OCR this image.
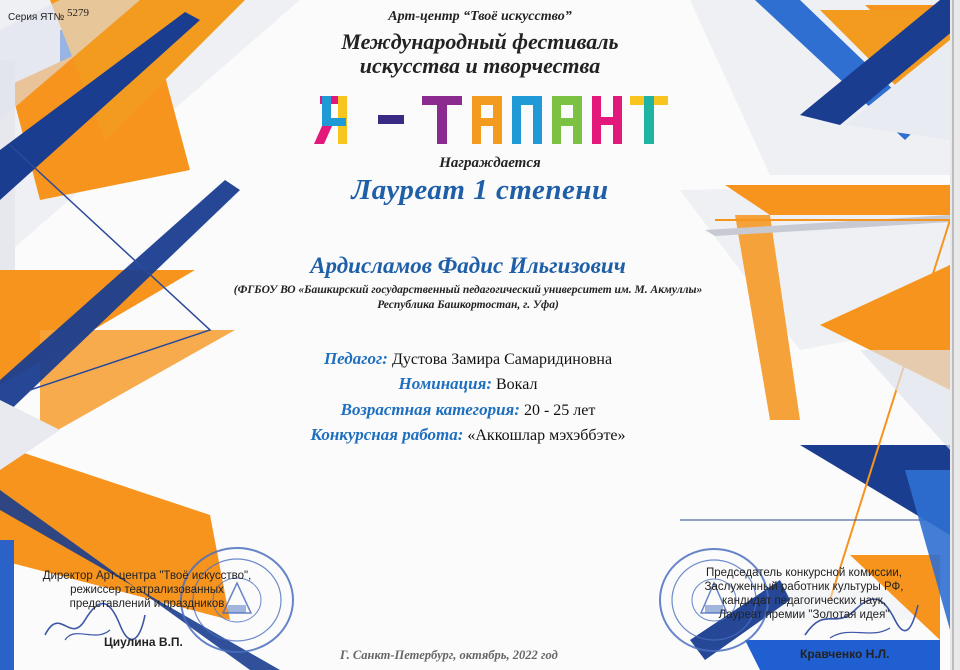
Серия ЯТ№ 5279	Арт-центр “Твоё искусство”
Международный фестиваль
искусства и творчества
Награждается
Лауреат 1 степени
Ардисламов Фадис Ильгизович
(ФГБОУ ВО «Башкирский государственный педагогический университет им. М. Акмуллы»
Республика Башкортостан, г. Уфа)
Педагог: Дустова Замира Самаридиновна
Номинация: Вокал
Возрастная категория: 20 - 25 лет
Конкурсная работа: «Аккошлар мэхэббэте»
Директор Арт-центра "Твоё искусство",
режиссер театрализованных
представлений и праздников
Циулина В.П.
Председатель конкурсной комиссии,
Заслуженный работник культуры РФ,
кандидат педагогических наук,
Лауреат премии "Золотая идея"
Кравченко Н.Л.
Г. Санкт-Петербург, октябрь, 2022 год
